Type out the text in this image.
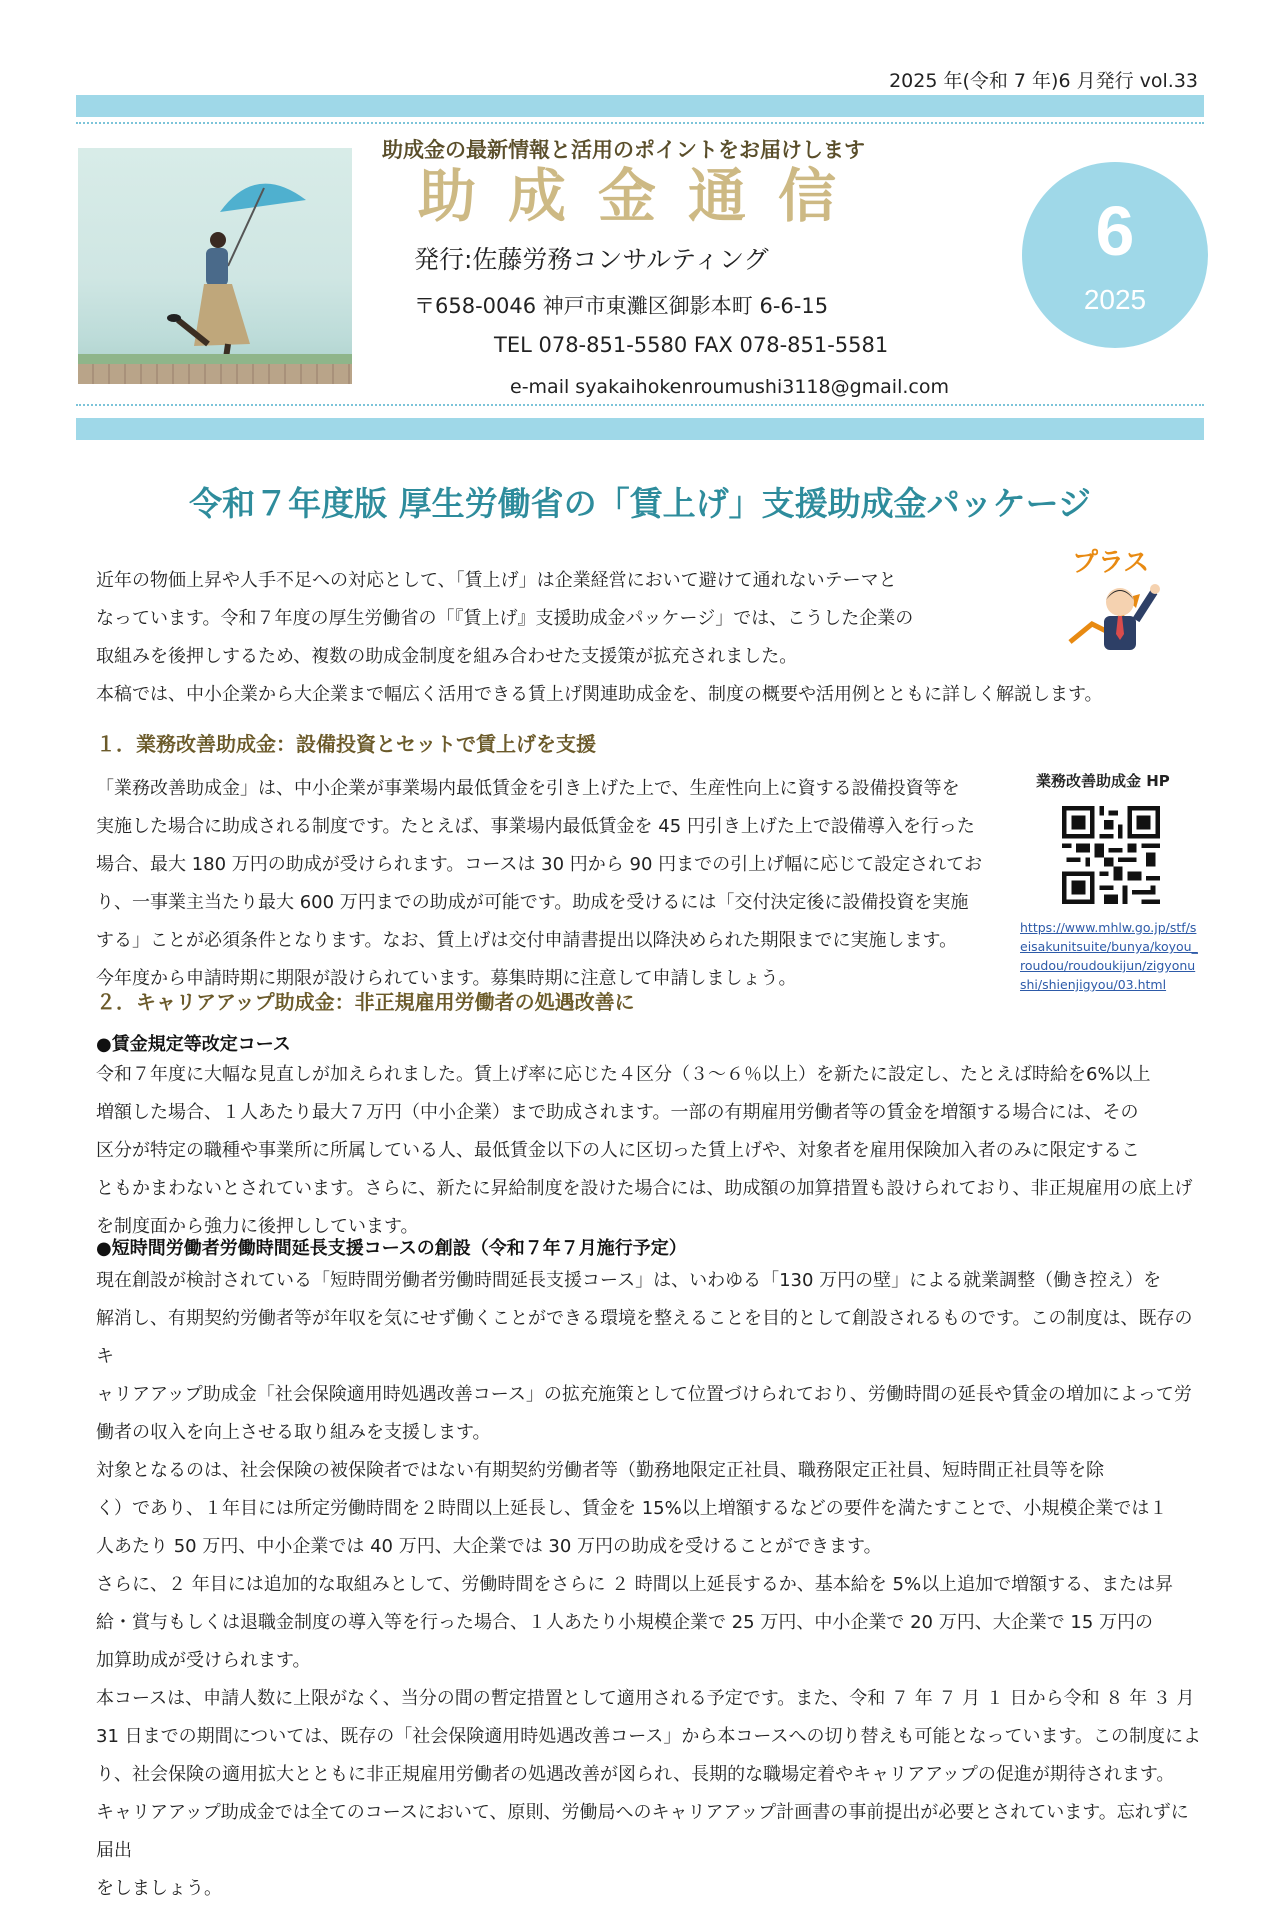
2025 年(令和 7 年)6 月発行 vol.33
助成金の最新情報と活用のポイントをお届けします
助成金通信
発行:佐藤労務コンサルティング
〒658-0046 神戸市東灘区御影本町 6-6-15
TEL 078-851-5580 FAX 078-851-5581
e-mail syakaihokenroumushi3118@gmail.com
6
2025
令和７年度版 厚生労働省の「賃上げ」支援助成金パッケージ
近年の物価上昇や人手不足への対応として、「賃上げ」は企業経営において避けて通れないテーマと
なっています。令和７年度の厚生労働省の「『賃上げ』支援助成金パッケージ」では、こうした企業の
取組みを後押しするため、複数の助成金制度を組み合わせた支援策が拡充されました。
本稿では、中小企業から大企業まで幅広く活用できる賃上げ関連助成金を、制度の概要や活用例とともに詳しく解説します。
プラス
１．業務改善助成金：設備投資とセットで賃上げを支援
「業務改善助成金」は、中小企業が事業場内最低賃金を引き上げた上で、生産性向上に資する設備投資等を
実施した場合に助成される制度です。たとえば、事業場内最低賃金を 45 円引き上げた上で設備導入を行った
場合、最大 180 万円の助成が受けられます。コースは 30 円から 90 円までの引上げ幅に応じて設定されてお
り、一事業主当たり最大 600 万円までの助成が可能です。助成を受けるには「交付決定後に設備投資を実施
する」ことが必須条件となります。なお、賃上げは交付申請書提出以降決められた期限までに実施します。
今年度から申請時期に期限が設けられています。募集時期に注意して申請しましょう。
業務改善助成金 HP
https://www.mhlw.go.jp/stf/seisakunitsuite/bunya/koyou_roudou/roudoukijun/zigyonushi/shienjigyou/03.html
２．キャリアアップ助成金：非正規雇用労働者の処遇改善に
●賃金規定等改定コース
令和７年度に大幅な見直しが加えられました。賃上げ率に応じた４区分（３～６％以上）を新たに設定し、たとえば時給を6%以上
増額した場合、１人あたり最大７万円（中小企業）まで助成されます。一部の有期雇用労働者等の賃金を増額する場合には、その
区分が特定の職種や事業所に所属している人、最低賃金以下の人に区切った賃上げや、対象者を雇用保険加入者のみに限定するこ
ともかまわないとされています。さらに、新たに昇給制度を設けた場合には、助成額の加算措置も設けられており、非正規雇用の底上げ
を制度面から強力に後押ししています。
●短時間労働者労働時間延長支援コースの創設（令和７年７月施行予定）
現在創設が検討されている「短時間労働者労働時間延長支援コース」は、いわゆる「130 万円の壁」による就業調整（働き控え）を
解消し、有期契約労働者等が年収を気にせず働くことができる環境を整えることを目的として創設されるものです。この制度は、既存のキ
ャリアアップ助成金「社会保険適用時処遇改善コース」の拡充施策として位置づけられており、労働時間の延長や賃金の増加によって労
働者の収入を向上させる取り組みを支援します。
対象となるのは、社会保険の被保険者ではない有期契約労働者等（勤務地限定正社員、職務限定正社員、短時間正社員等を除
く）であり、１年目には所定労働時間を２時間以上延長し、賃金を 15%以上増額するなどの要件を満たすことで、小規模企業では１
人あたり 50 万円、中小企業では 40 万円、大企業では 30 万円の助成を受けることができます。
さらに、２ 年目には追加的な取組みとして、労働時間をさらに ２ 時間以上延長するか、基本給を 5%以上追加で増額する、または昇
給・賞与もしくは退職金制度の導入等を行った場合、１人あたり小規模企業で 25 万円、中小企業で 20 万円、大企業で 15 万円の
加算助成が受けられます。
本コースは、申請人数に上限がなく、当分の間の暫定措置として適用される予定です。また、令和 ７ 年 ７ 月 １ 日から令和 ８ 年 ３ 月
31 日までの期間については、既存の「社会保険適用時処遇改善コース」から本コースへの切り替えも可能となっています。この制度によ
り、社会保険の適用拡大とともに非正規雇用労働者の処遇改善が図られ、長期的な職場定着やキャリアアップの促進が期待されます。
キャリアアップ助成金では全てのコースにおいて、原則、労働局へのキャリアアップ計画書の事前提出が必要とされています。忘れずに届出
をしましょう。
